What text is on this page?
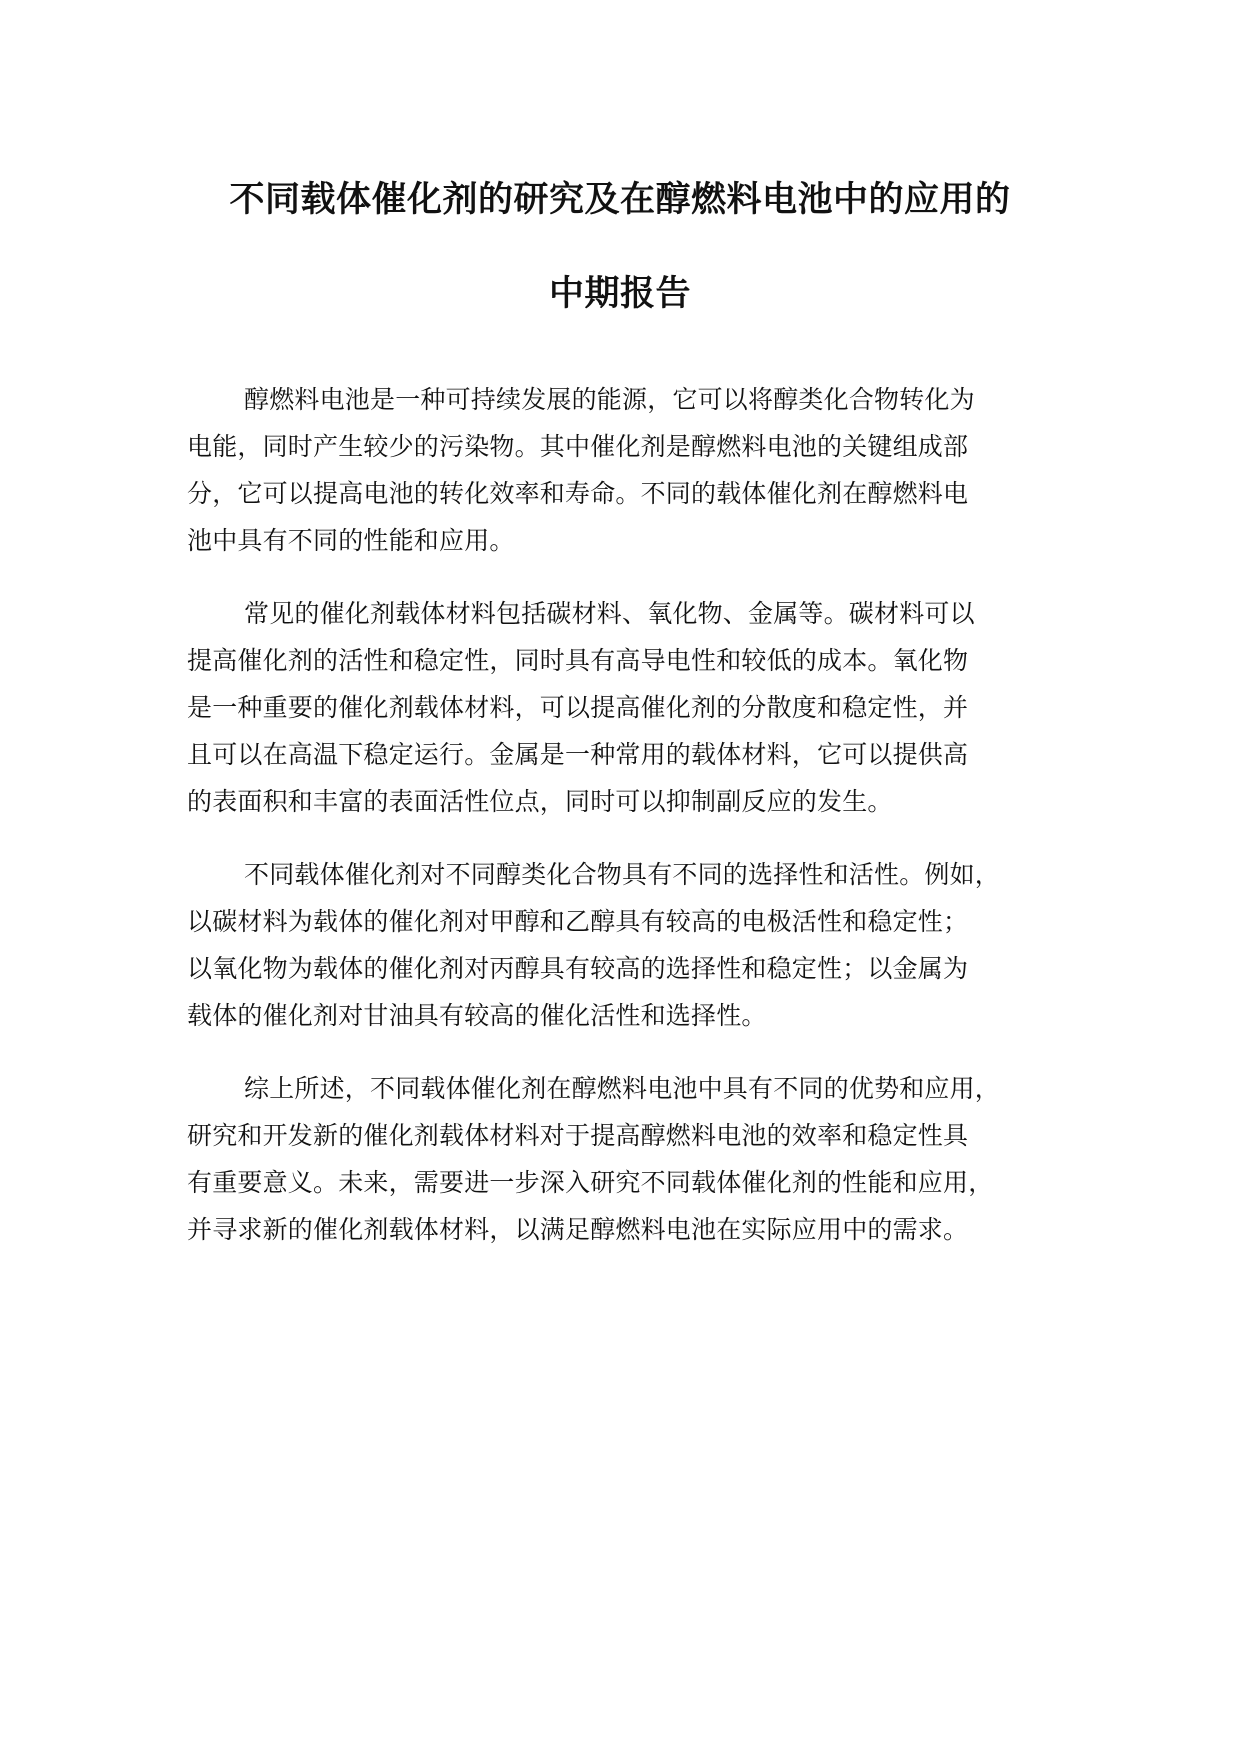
不同载体催化剂的研究及在醇燃料电池中的应用的

中期报告

醇燃料电池是一种可持续发展的能源，它可以将醇类化合物转化为
电能，同时产生较少的污染物。其中催化剂是醇燃料电池的关键组成部
分，它可以提高电池的转化效率和寿命。不同的载体催化剂在醇燃料电
池中具有不同的性能和应用。
常见的催化剂载体材料包括碳材料、氧化物、金属等。碳材料可以
提高催化剂的活性和稳定性，同时具有高导电性和较低的成本。氧化物
是一种重要的催化剂载体材料，可以提高催化剂的分散度和稳定性，并
且可以在高温下稳定运行。金属是一种常用的载体材料，它可以提供高
的表面积和丰富的表面活性位点，同时可以抑制副反应的发生。
不同载体催化剂对不同醇类化合物具有不同的选择性和活性。例如，
以碳材料为载体的催化剂对甲醇和乙醇具有较高的电极活性和稳定性；
以氧化物为载体的催化剂对丙醇具有较高的选择性和稳定性；以金属为
载体的催化剂对甘油具有较高的催化活性和选择性。
综上所述，不同载体催化剂在醇燃料电池中具有不同的优势和应用，
研究和开发新的催化剂载体材料对于提高醇燃料电池的效率和稳定性具
有重要意义。未来，需要进一步深入研究不同载体催化剂的性能和应用，
并寻求新的催化剂载体材料，以满足醇燃料电池在实际应用中的需求。
